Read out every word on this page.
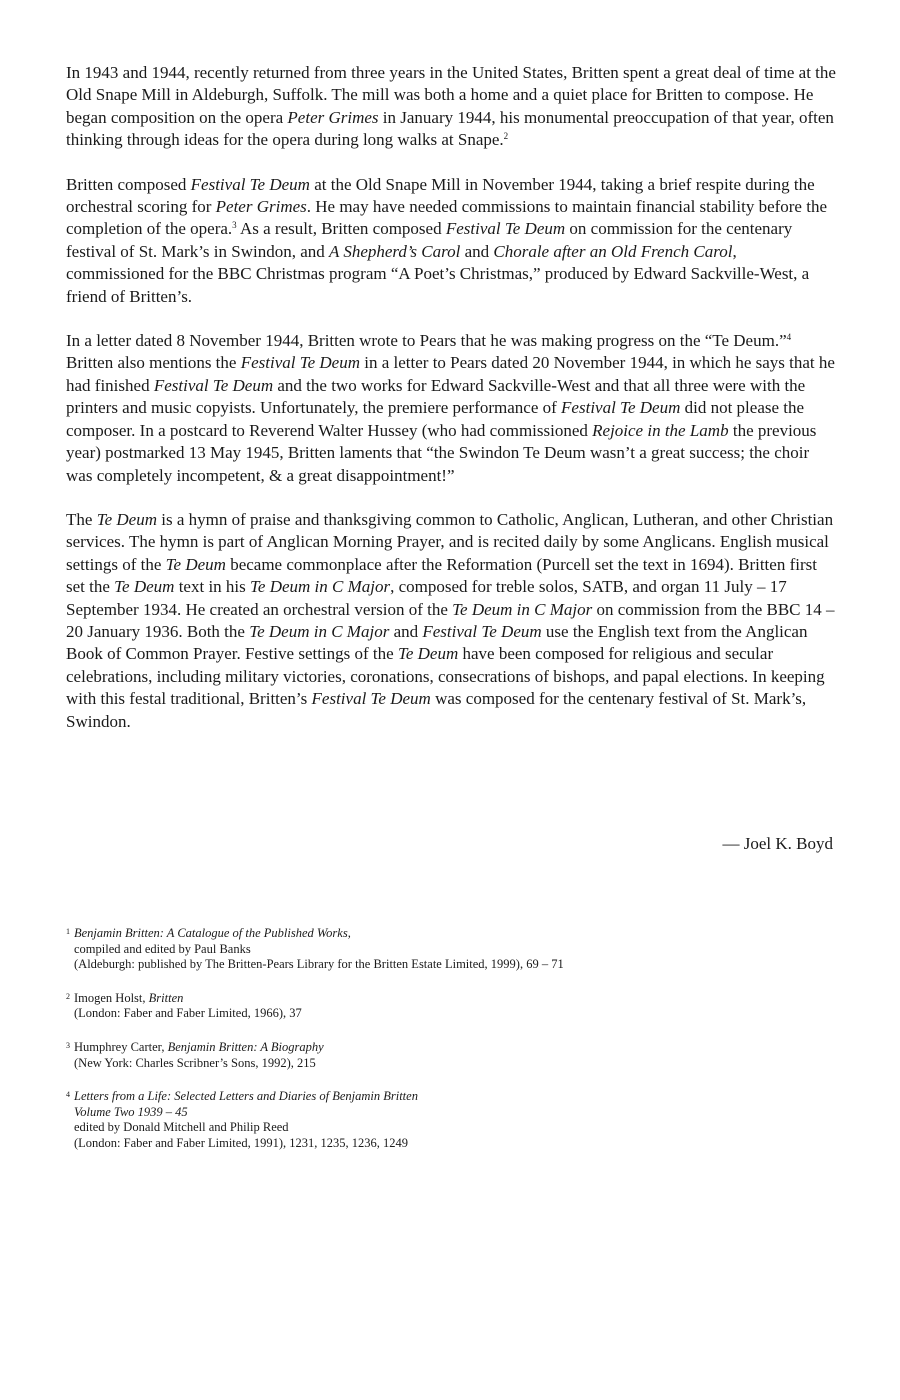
In 1943 and 1944, recently returned from three years in the United States, Britten spent a great deal of time at the Old Snape Mill in Aldeburgh, Suffolk. The mill was both a home and a quiet place for Britten to compose. He began composition on the opera Peter Grimes in January 1944, his monumental preoccupation of that year, often thinking through ideas for the opera during long walks at Snape.$^2$

Britten composed Festival Te Deum at the Old Snape Mill in November 1944, taking a brief respite during the orchestral scoring for Peter Grimes. He may have needed commissions to maintain financial stability before the completion of the opera.$^3$ As a result, Britten composed Festival Te Deum on commission for the centenary festival of St. Mark’s in Swindon, and A Shepherd’s Carol and Chorale after an Old French Carol, commissioned for the BBC Christmas program “A Poet’s Christmas,” produced by Edward Sackville-West, a friend of Britten’s.

In a letter dated 8 November 1944, Britten wrote to Pears that he was making progress on the “Te Deum.”$^4$ Britten also mentions the Festival Te Deum in a letter to Pears dated 20 November 1944, in which he says that he had finished Festival Te Deum and the two works for Edward Sackville-West and that all three were with the printers and music copyists. Unfortunately, the premiere performance of Festival Te Deum did not please the composer. In a postcard to Reverend Walter Hussey (who had commissioned Rejoice in the Lamb the previous year) postmarked 13 May 1945, Britten laments that “the Swindon Te Deum wasn’t a great success; the choir was completely incompetent, & a great disappointment!”

The Te Deum is a hymn of praise and thanksgiving common to Catholic, Anglican, Lutheran, and other Christian services. The hymn is part of Anglican Morning Prayer, and is recited daily by some Anglicans. English musical settings of the Te Deum became commonplace after the Reformation (Purcell set the text in 1694). Britten first set the Te Deum text in his Te Deum in C Major, composed for treble solos, SATB, and organ 11 July – 17 September 1934. He created an orchestral version of the Te Deum in C Major on commission from the BBC 14 – 20 January 1936. Both the Te Deum in C Major and Festival Te Deum use the English text from the Anglican Book of Common Prayer. Festive settings of the Te Deum have been composed for religious and secular celebrations, including military victories, coronations, consecrations of bishops, and papal elections. In keeping with this festal traditional, Britten’s Festival Te Deum was composed for the centenary festival of St. Mark’s, Swindon.

— Joel K. Boyd
1 Benjamin Britten: A Catalogue of the Published Works,
compiled and edited by Paul Banks
(Aldeburgh: published by The Britten-Pears Library for the Britten Estate Limited, 1999), 69 – 71
2 Imogen Holst, Britten
(London: Faber and Faber Limited, 1966), 37
3 Humphrey Carter, Benjamin Britten: A Biography
(New York: Charles Scribner’s Sons, 1992), 215
4 Letters from a Life: Selected Letters and Diaries of Benjamin Britten
Volume Two 1939 – 45
edited by Donald Mitchell and Philip Reed
(London: Faber and Faber Limited, 1991), 1231, 1235, 1236, 1249
